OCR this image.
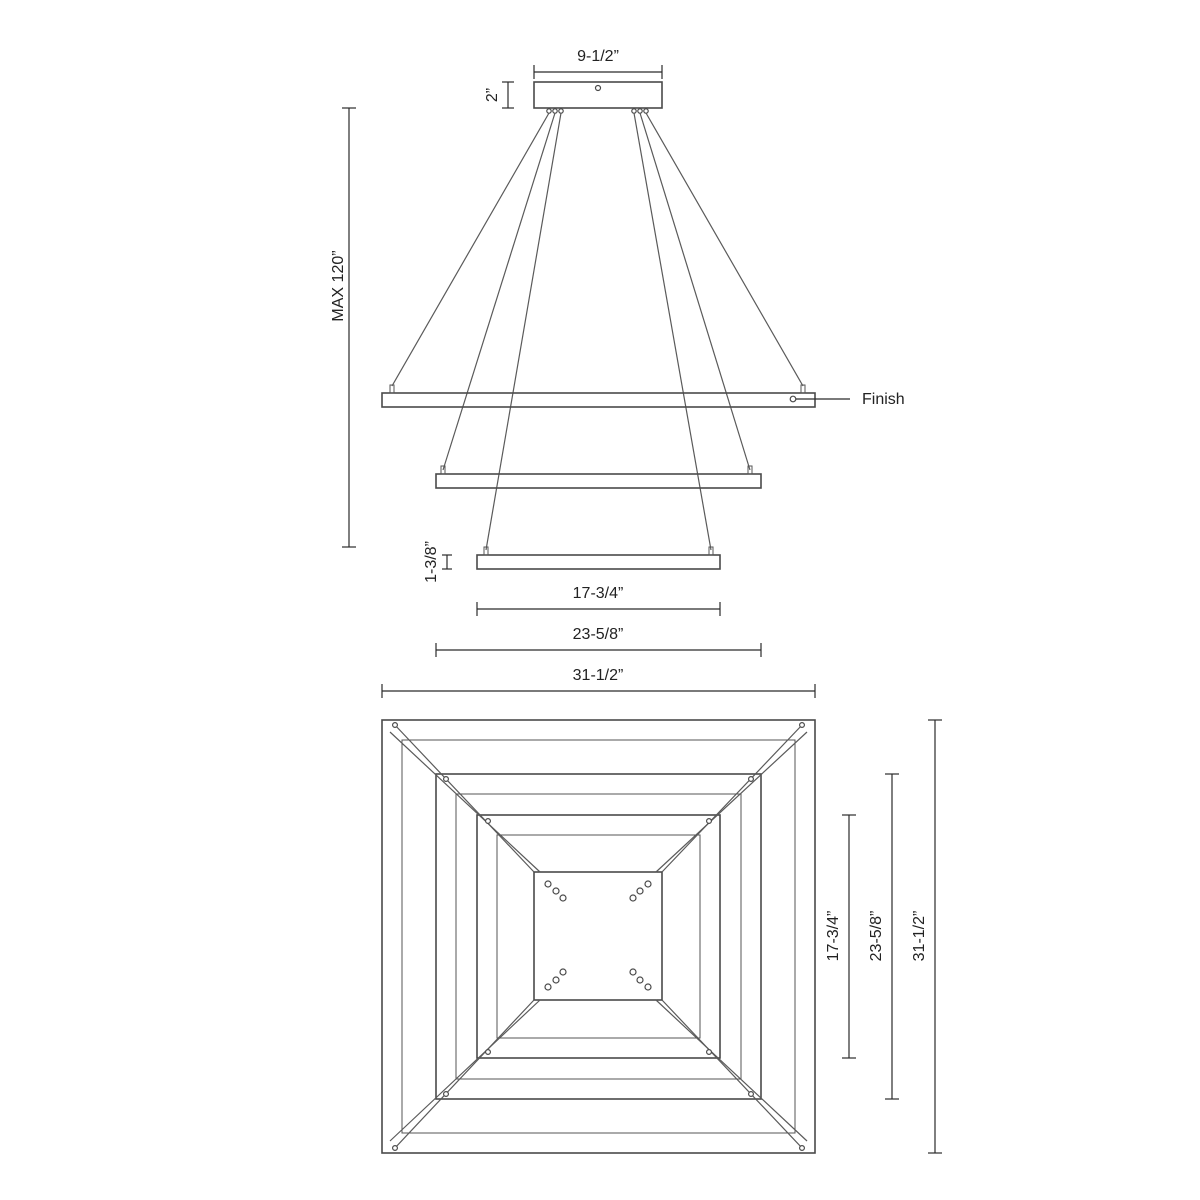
Finish
9-1/2”
2”
MAX 120”
1-3/8”
17-3/4”
23-5/8”
31-1/2”
17-3/4” 23-5/8” 31-1/2”
